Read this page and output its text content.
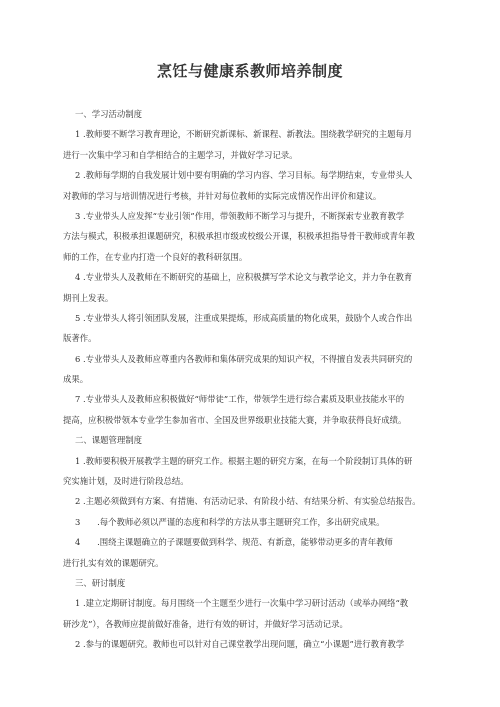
烹饪与健康系教师培养制度
一、学习活动制度
1 .教师要不断学习教育理论，不断研究新课标、新课程、新教法。围绕教学研究的主题每月
进行一次集中学习和自学相结合的主题学习，并做好学习记录。
2 .教师每学期的自我发展计划中要有明确的学习内容、学习目标。每学期结束，专业带头人
对教师的学习与培训情况进行考核，并针对每位教师的实际完成情况作出评价和建议。
3 .专业带头人应发挥“专业引领”作用，带领教师不断学习与提升，不断探索专业教育教学
方法与模式，积极承担课题研究，积极承担市级或校级公开课，积极承担指导骨干教师或青年教
师的工作，在专业内打造一个良好的教科研氛围。
4 .专业带头人及教师在不断研究的基础上，应积极撰写学术论文与教学论文，并力争在教育
期刊上发表。
5 .专业带头人将引领团队发展，注重成果提炼，形成高质量的物化成果，鼓励个人或合作出
版著作。
6 .专业带头人及教师应尊重内各教师和集体研究成果的知识产权，不得擅自发表共同研究的
成果。
7 .专业带头人及教师应积极做好“师带徒”工作，带领学生进行综合素质及职业技能水平的
提高，应积极带领本专业学生参加省市、全国及世界级职业技能大赛，并争取获得良好成绩。
二、课题管理制度
1 .教师要积极开展教学主题的研究工作。根据主题的研究方案，在每一个阶段制订具体的研
究实施计划，及时进行阶段总结。
2 .主题必须做到有方案、有措施、有活动记录、有阶段小结、有结果分析、有实验总结报告。
3　　.每个教师必须以严谨的态度和科学的方法从事主题研究工作，多出研究成果。
4　　.围绕主课题确立的子课题要做到科学、规范、有新意，能够带动更多的青年教师
进行扎实有效的课题研究。
三、研讨制度
1 .建立定期研讨制度。每月围绕一个主题至少进行一次集中学习研讨活动（或举办网络“教
研沙龙”），各教师应提前做好准备，进行有效的研讨，并做好学习活动记录。
2 .参与的课题研究。教师也可以针对自己课堂教学出现问题，确立“小课题”进行教育教学
